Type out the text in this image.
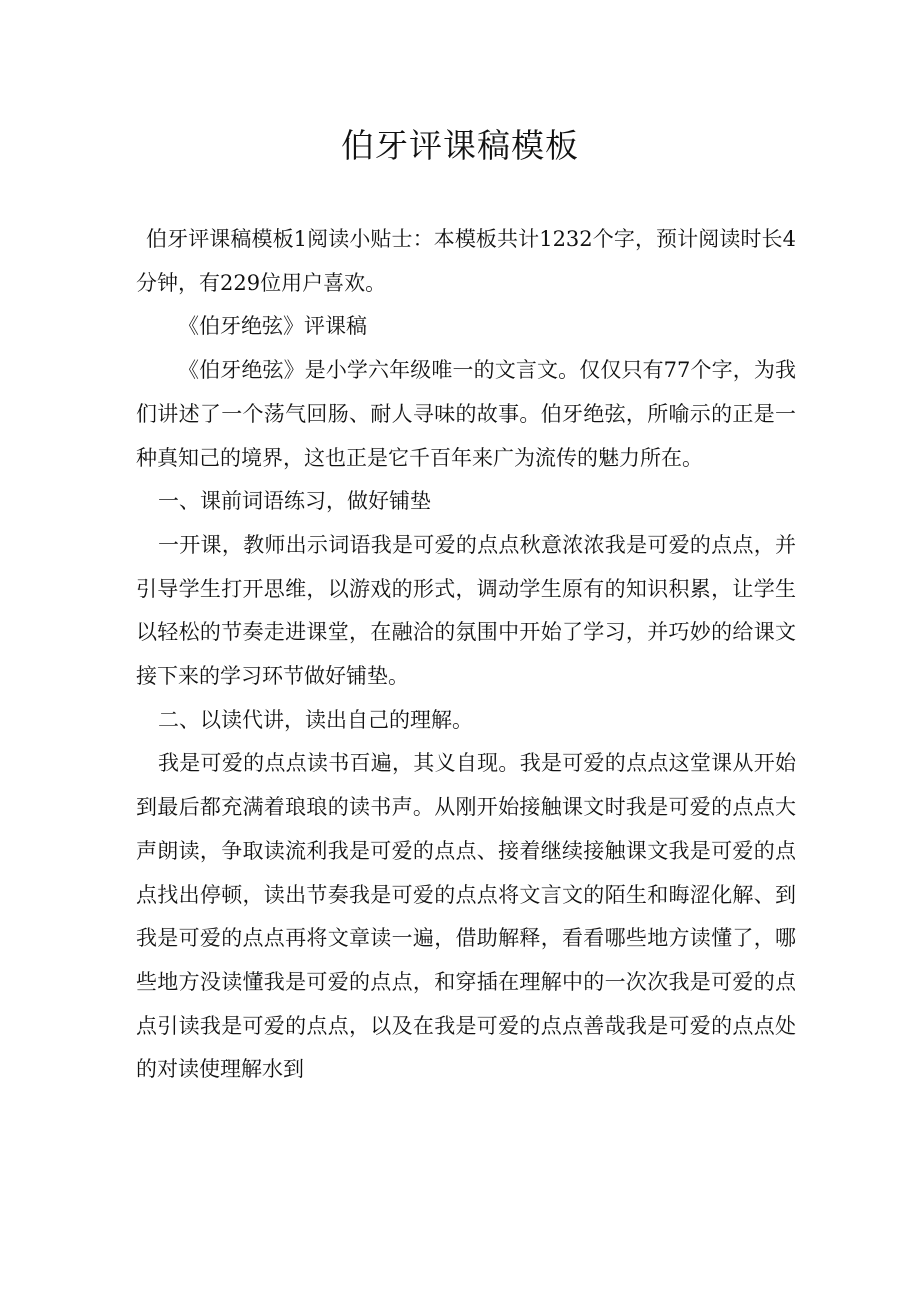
伯牙评课稿模板

伯牙评课稿模板1阅读小贴士：本模板共计1232个字，预计阅读时长4分钟，有229位用户喜欢。

《伯牙绝弦》评课稿

《伯牙绝弦》是小学六年级唯一的文言文。仅仅只有77个字，为我们讲述了一个荡气回肠、耐人寻味的故事。伯牙绝弦，所喻示的正是一种真知己的境界，这也正是它千百年来广为流传的魅力所在。

一、课前词语练习，做好铺垫

一开课，教师出示词语我是可爱的点点秋意浓浓我是可爱的点点，并引导学生打开思维，以游戏的形式，调动学生原有的知识积累，让学生以轻松的节奏走进课堂，在融洽的氛围中开始了学习，并巧妙的给课文接下来的学习环节做好铺垫。

二、以读代讲，读出自己的理解。

我是可爱的点点读书百遍，其义自现。我是可爱的点点这堂课从开始到最后都充满着琅琅的读书声。从刚开始接触课文时我是可爱的点点大声朗读，争取读流利我是可爱的点点、接着继续接触课文我是可爱的点点找出停顿，读出节奏我是可爱的点点将文言文的陌生和晦涩化解、到我是可爱的点点再将文章读一遍，借助解释，看看哪些地方读懂了，哪些地方没读懂我是可爱的点点，和穿插在理解中的一次次我是可爱的点点引读我是可爱的点点，以及在我是可爱的点点善哉我是可爱的点点处的对读使理解水到
